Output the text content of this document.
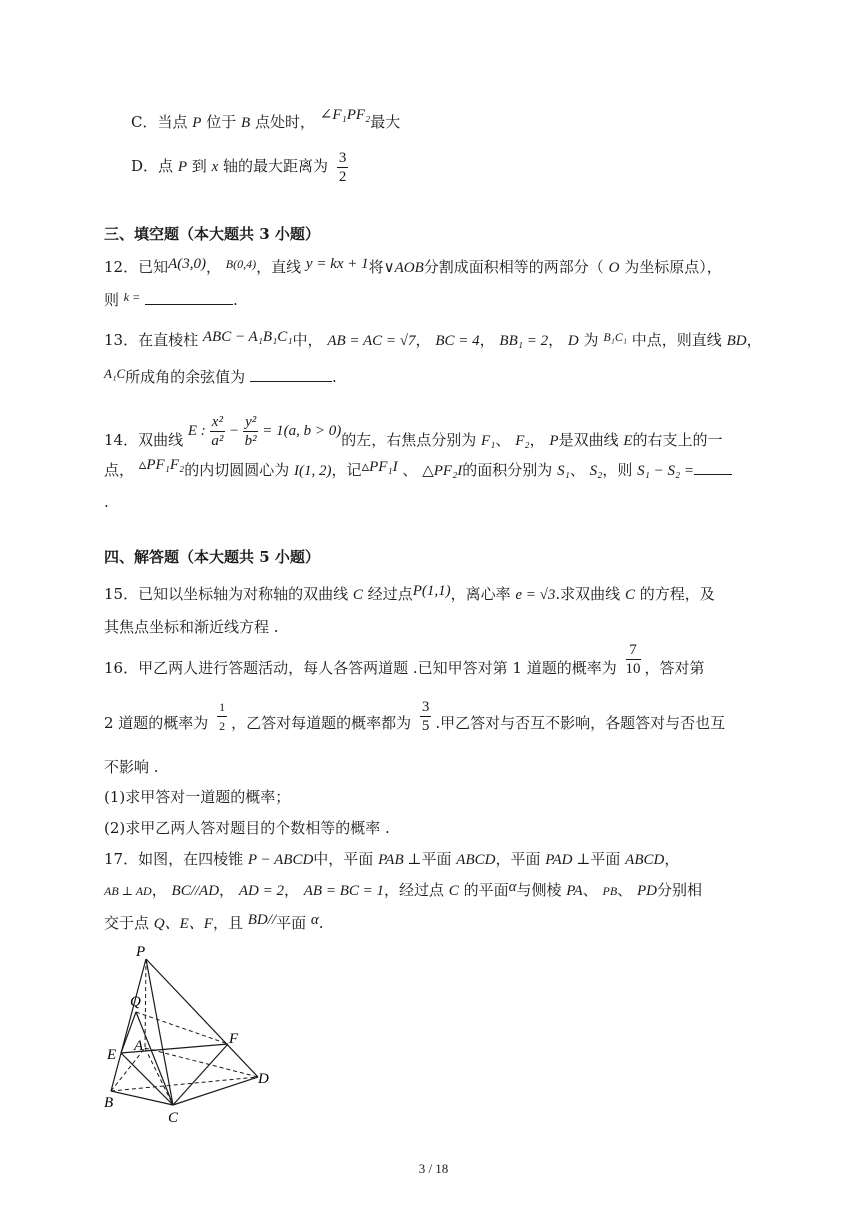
C．当点 P 位于 B 点处时， ∠F₁PF₂最大
D．点 P 到 x 轴的最大距离为 $\frac{3}{2}$
三、填空题（本大题共 3 小题）
12．已知A(3,0)， $^{B(0,4)}$，直线 y = kx + 1将∨AOB分割成面积相等的两部分（ O 为坐标原点），
则 $^{k =}$	.
13．在直棱柱 ABC − A₁B₁C₁中， AB = AC = √7， BC = 4， BB₁ = 2， D 为 $^{B_1C_1}$ 中点，则直线 BD，
A₁C所成角的余弦值为	.
14．双曲线 E : $\frac{\text{x²}}{\text{a²}} - \frac{\text{y²}}{\text{b²}} = 1(a$, b > 0)的左，右焦点分别为 F₁、 F₂， P是双曲线 E的右支上的一
点， ▵PF₁F₂的内切圆圆心为 I(1, 2)，记▵PF₁I 、 △PF₂I的面积分别为 S₁、 S₂，则 S₁ − S₂ =
.
四、解答题（本大题共 5 小题）
15．已知以坐标轴为对称轴的双曲线 C 经过点P(1,1)，离心率 e = √3.求双曲线 C 的方程，及
其焦点坐标和渐近线方程 .
16．甲乙两人进行答题活动，每人各答两道题 .已知甲答对第 1 道题的概率为 $\frac{7}{10}$ ，答对第
2 道题的概率为 $\frac{1}{2}$ ，乙答对每道题的概率都为 $\frac{3}{5}$ .甲乙答对与否互不影响，各题答对与否也互
不影响 .
(1)求甲答对一道题的概率；
(2)求甲乙两人答对题目的个数相等的概率 .
17．如图，在四棱锥 P − ABCD中，平面 PAB ⊥平面 ABCD，平面 PAD ⊥平面 ABCD，
AB ⊥ AD， BC//AD， AD = 2， AB = BC = 1，经过点 C 的平面α与侧棱 PA、 PB、 PD分别相
交于点 Q、E、F，且 BD//平面 α.
P
Q
E
A	F
D
B
C
3 / 18
